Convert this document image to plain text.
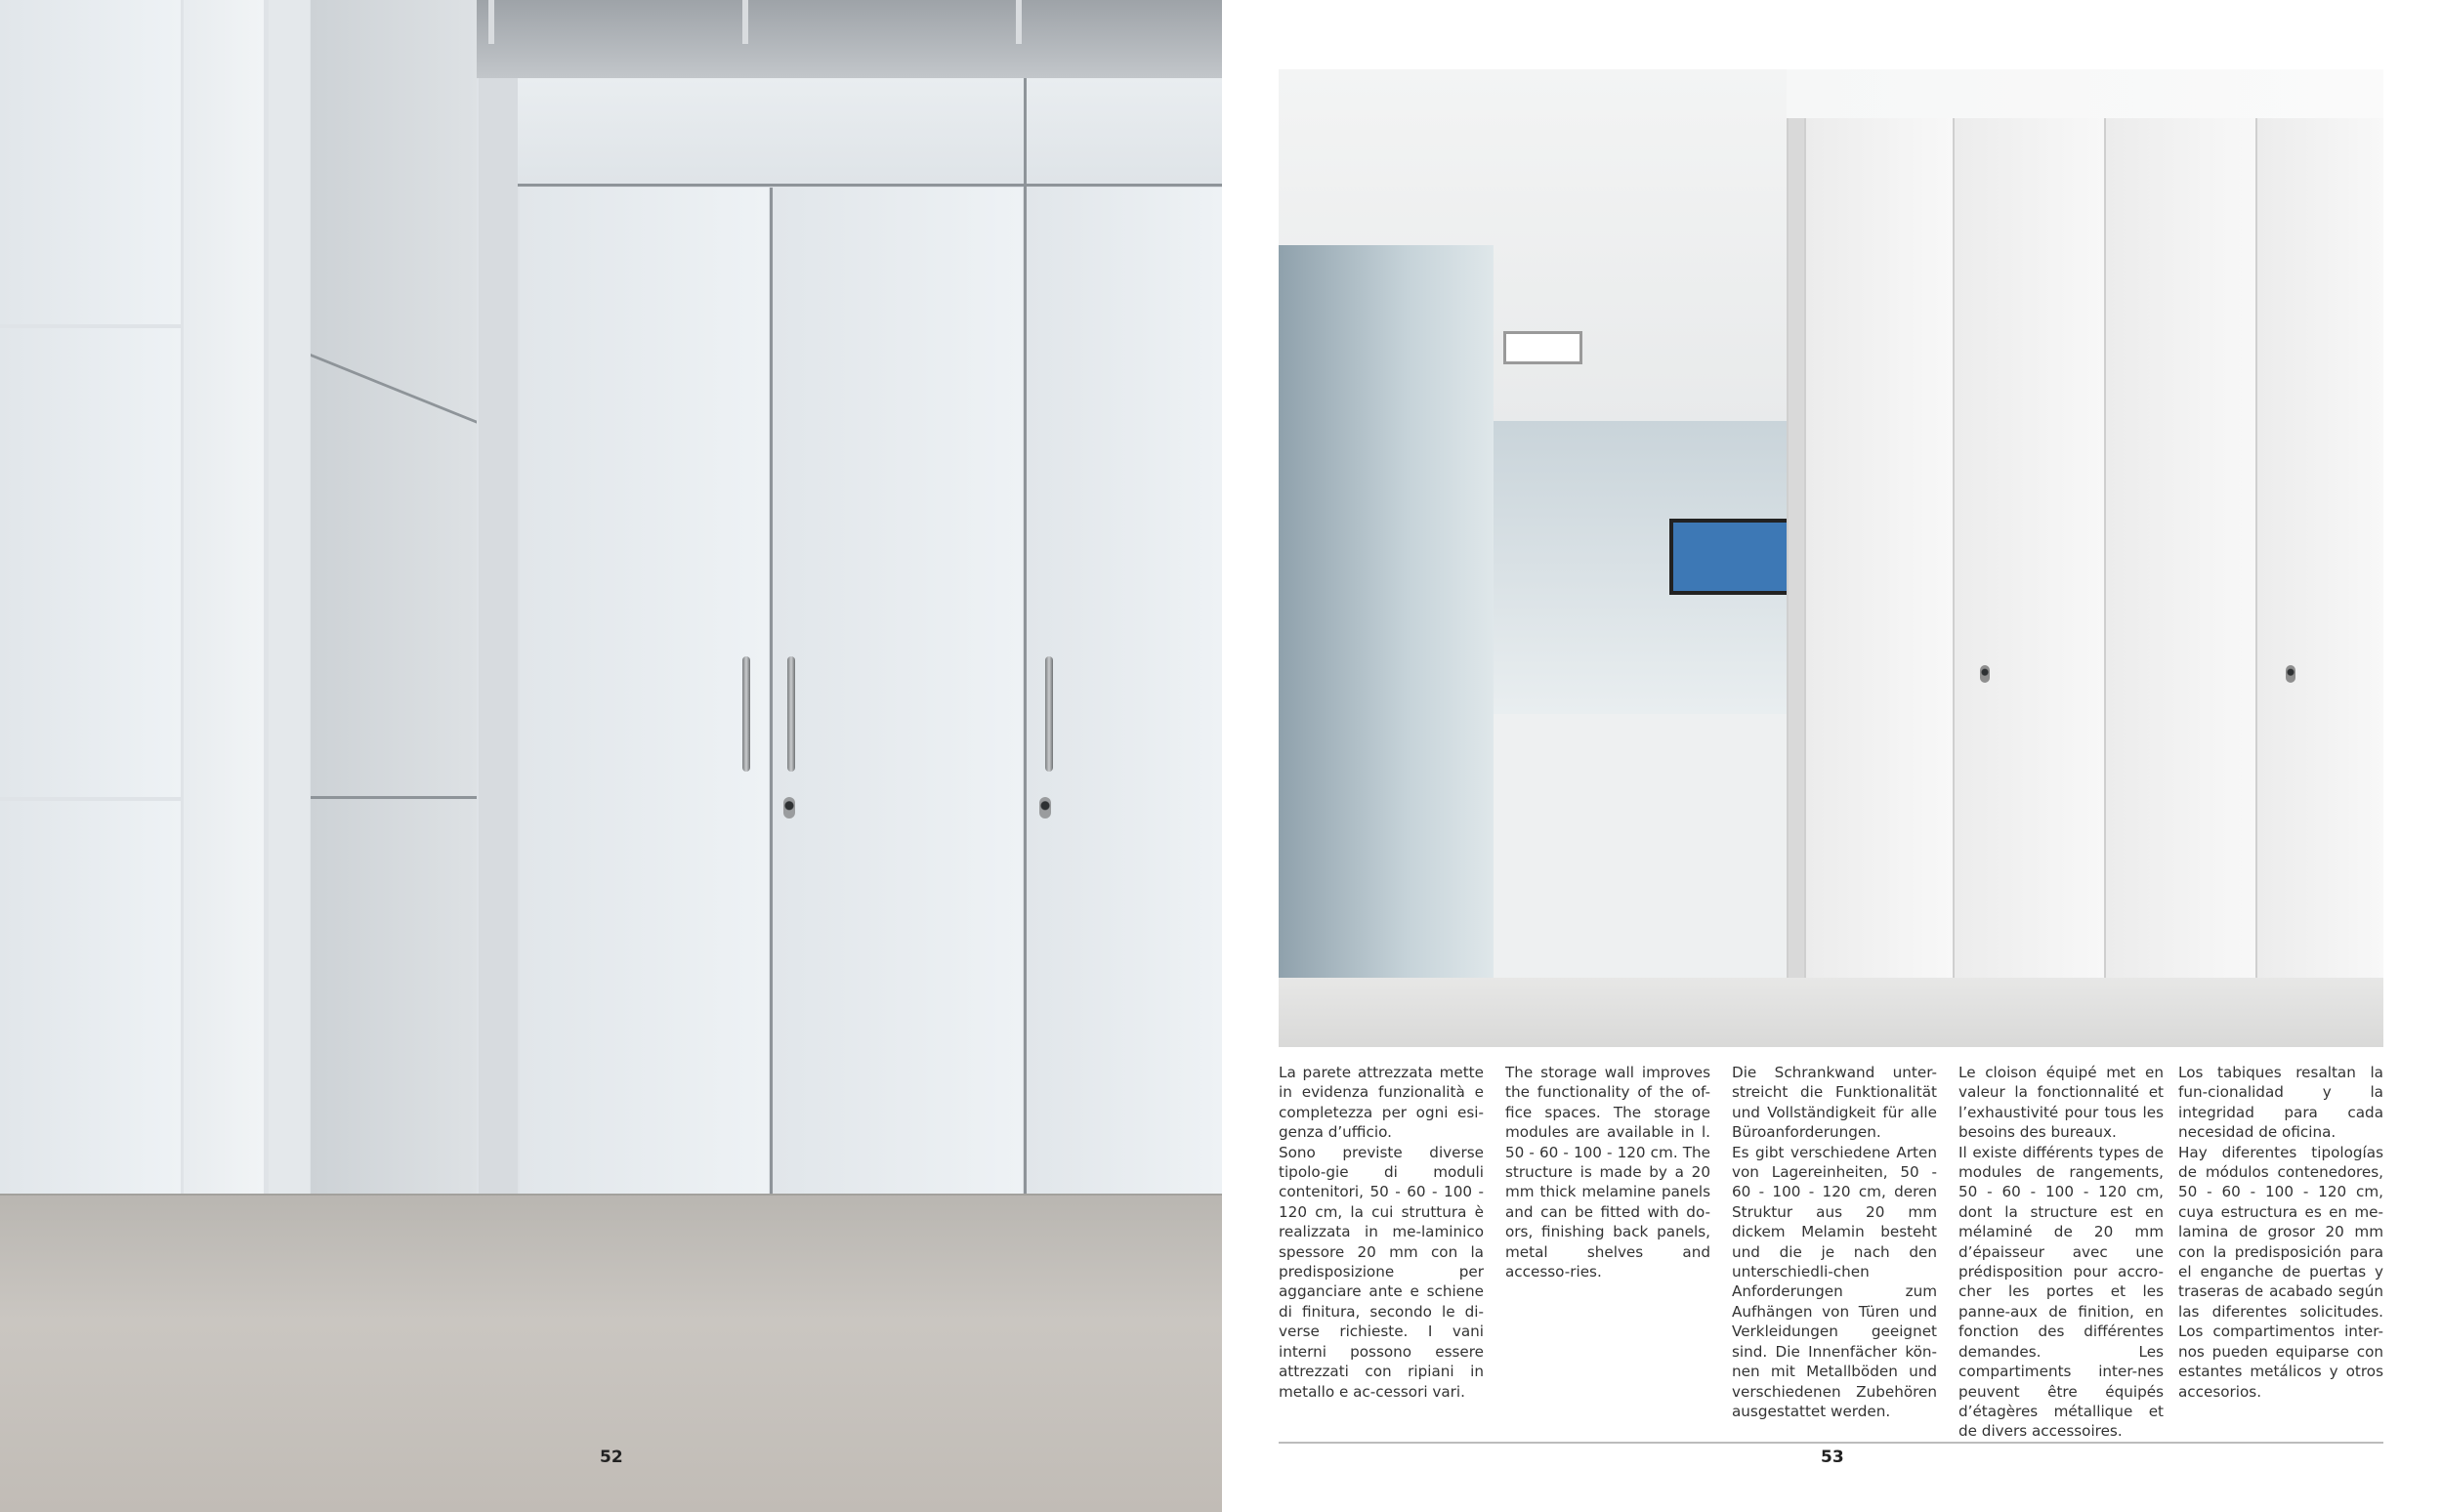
La parete attrezzata mette in evidenza funzionalità e completezza per ogni esi-genza d’ufficio.

Sono previste diverse tipolo-gie di moduli contenitori, 50 - 60 - 100 - 120 cm, la cui struttura è realizzata in me-laminico spessore 20 mm con la predisposizione per agganciare ante e schiene di finitura, secondo le di-verse richieste. I vani interni possono essere attrezzati con ripiani in metallo e ac-cessori vari.

The storage wall improves the functionality of the of-fice spaces. The storage modules are available in l. 50 - 60 - 100 - 120 cm. The structure is made by a 20 mm thick melamine panels and can be fitted with do-ors, finishing back panels, metal shelves and accesso-ries.

Die Schrankwand unter-streicht die Funktionalität und Vollständigkeit für alle Büroanforderungen.

Es gibt verschiedene Arten von Lagereinheiten, 50 - 60 - 100 - 120 cm, deren Struktur aus 20 mm dickem Melamin besteht und die je nach den unterschiedli-chen Anforderungen zum Aufhängen von Türen und Verkleidungen geeignet sind. Die Innenfächer kön-nen mit Metallböden und verschiedenen Zubehören ausgestattet werden.

Le cloison équipé met en valeur la fonctionnalité et l’exhaustivité pour tous les besoins des bureaux.

Il existe différents types de modules de rangements, 50 - 60 - 100 - 120 cm, dont la structure est en mélaminé de 20 mm d’épaisseur avec une prédisposition pour accro-cher les portes et les panne-aux de finition, en fonction des différentes demandes. Les compartiments inter-nes peuvent être équipés d’étagères métallique et de divers accessoires.

Los tabiques resaltan la fun-cionalidad y la integridad para cada necesidad de oficina.

Hay diferentes tipologías de módulos contenedores, 50 - 60 - 100 - 120 cm, cuya estructura es en me-lamina de grosor 20 mm con la predisposición para el enganche de puertas y traseras de acabado según las diferentes solicitudes. Los compartimentos inter-nos pueden equiparse con estantes metálicos y otros accesorios.

52	53
